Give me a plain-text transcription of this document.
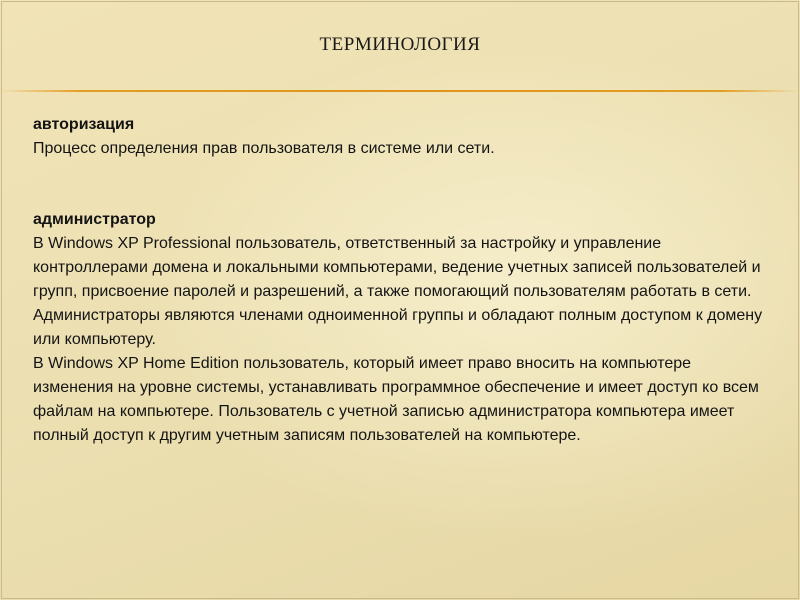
ТЕРМИНОЛОГИЯ

авторизация

Процесс определения прав пользователя в системе или сети.

администратор

В Windows XP Professional пользователь, ответственный за настройку и управление контроллерами домена и локальными компьютерами, ведение учетных записей пользователей и групп, присвоение паролей и разрешений, а также помогающий пользователям работать в сети. Администраторы являются членами одноименной группы и обладают полным доступом к домену или компьютеру.

В Windows XP Home Edition пользователь, который имеет право вносить на компьютере изменения на уровне системы, устанавливать программное обеспечение и имеет доступ ко всем файлам на компьютере. Пользователь с учетной записью администратора компьютера имеет полный доступ к другим учетным записям пользователей на компьютере.
